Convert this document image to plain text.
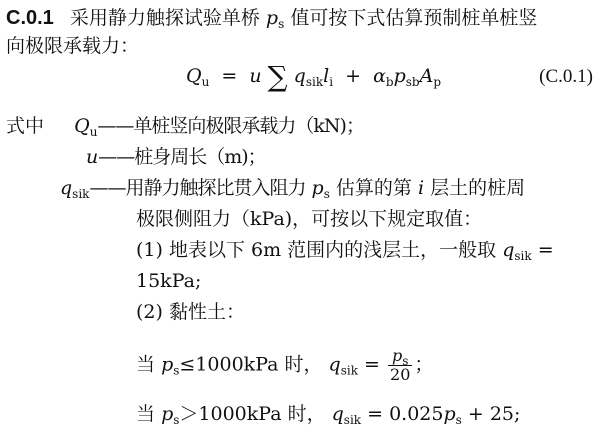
C.0.1 采用静力触探试验单桥 $p_s$ 值可按下式估算预制桩单桩竖
向极限承载力：
$Q_u = u$ ∑ $q_{sik}l_i + \alpha_bp_{sb}A_p$	(C.0.1)
式中 $Q_u——$单桩竖向极限承载力（kN)；
u——桩身周长（m)；
$q_{sik}——$用静力触探比贯入阻力 $p_s$ 估算的第 i 层土的桩周
极限侧阻力（kPa)，可按以下规定取值：
(1) 地表以下 6m 范围内的浅层土，一般取 $q_{sik}$ =
15kPa;
(2) 黏性土：
当 $p_s\le 1000kPa$ 时， $q_{sik} = \frac{p_s}{20}$ ；
当 $p_s>1000kPa$ 时， $q_{sik} = 0.025p_s + 25$;
